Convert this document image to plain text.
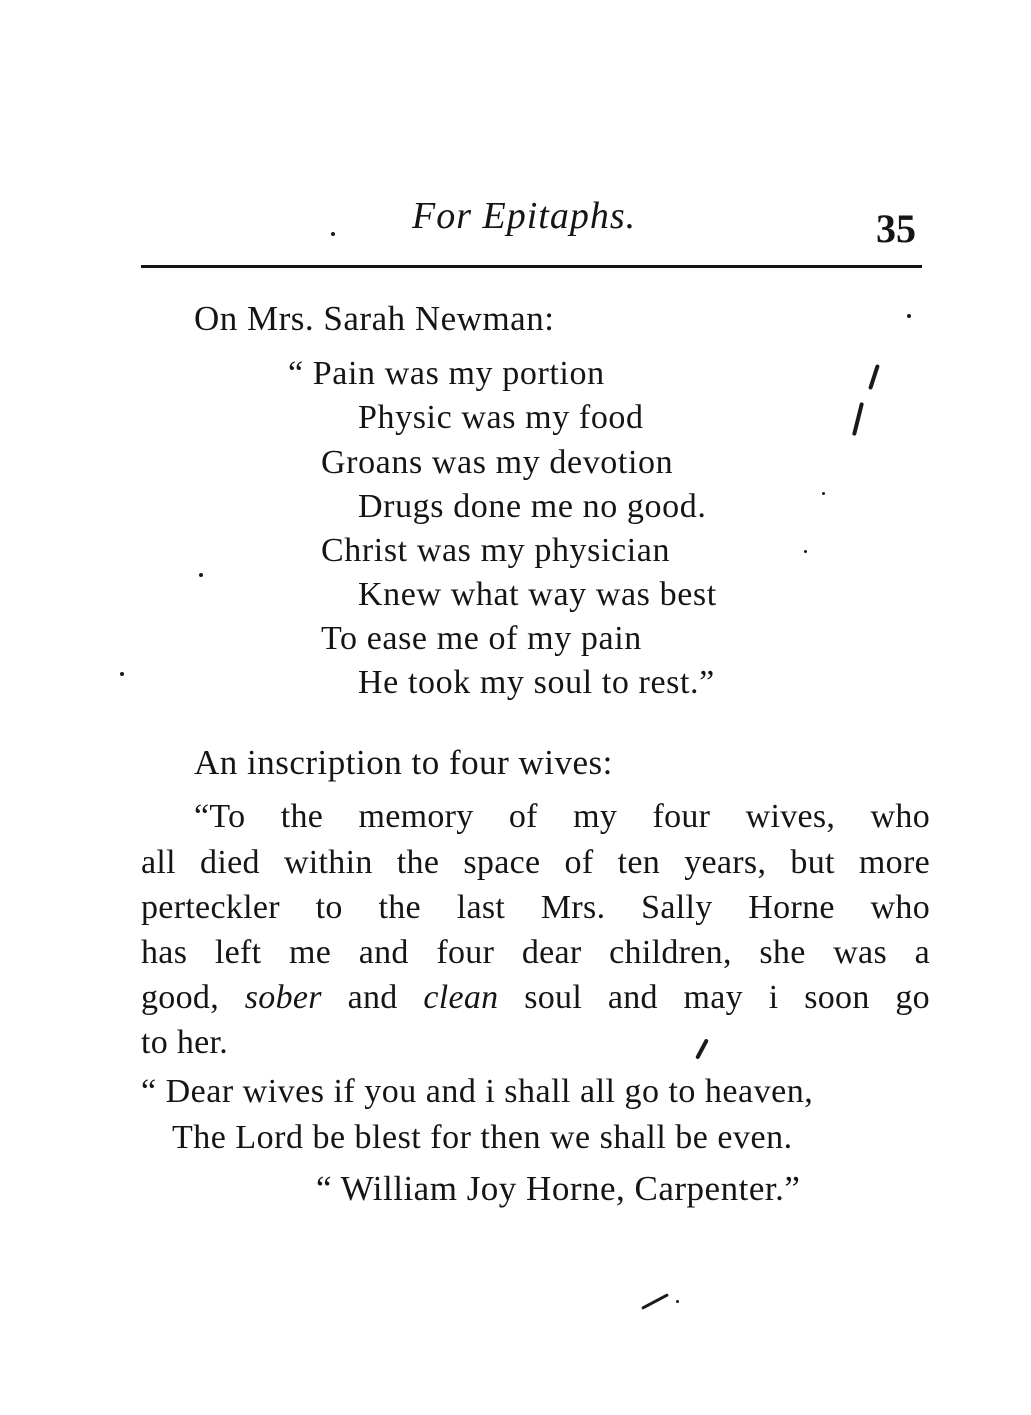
For Epitaphs.	35
On Mrs. Sarah Newman:
“ Pain was my portion
Physic was my food
Groans was my devotion
Drugs done me no good.
Christ was my physician
Knew what way was best
To ease me of my pain
He took my soul to rest.”
An inscription to four wives:
“To the memory of my four wives, who
all died within the space of ten years, but more
perteckler to the last Mrs. Sally Horne who
has left me and four dear children, she was a
good, sober and clean soul and may i soon go
to her.
“ Dear wives if you and i shall all go to heaven,
The Lord be blest for then we shall be even.
“ William Joy Horne, Carpenter.”
